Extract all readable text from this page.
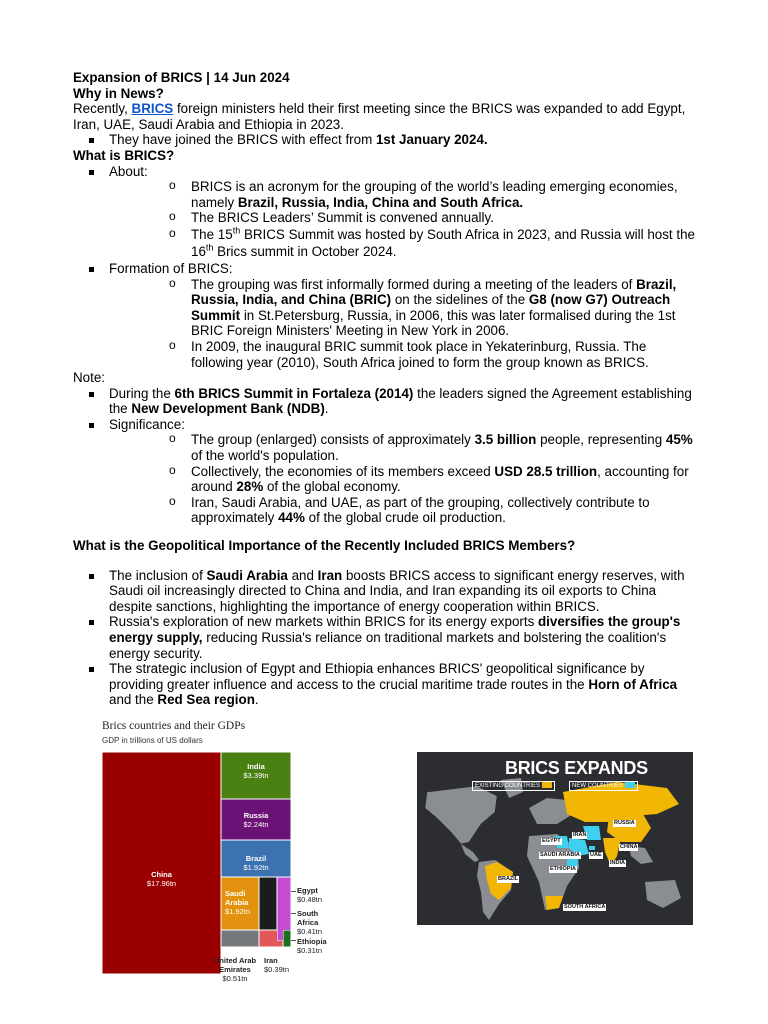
Expansion of BRICS | 14 Jun 2024

Why in News?

Recently, BRICS foreign ministers held their first meeting since the BRICS was expanded to add Egypt, Iran, UAE, Saudi Arabia and Ethiopia in 2023.

They have joined the BRICS with effect from 1st January 2024.

What is BRICS?

About:
o BRICS is an acronym for the grouping of the world’s leading emerging economies, namely Brazil, Russia, India, China and South Africa.
o The BRICS Leaders’ Summit is convened annually.
o The 15th BRICS Summit was hosted by South Africa in 2023, and Russia will host the 16th Brics summit in October 2024.
Formation of BRICS:
o The grouping was first informally formed during a meeting of the leaders of Brazil, Russia, India, and China (BRIC) on the sidelines of the G8 (now G7) Outreach Summit in St.Petersburg, Russia, in 2006, this was later formalised during the 1st BRIC Foreign Ministers' Meeting in New York in 2006.
o In 2009, the inaugural BRIC summit took place in Yekaterinburg, Russia. The following year (2010), South Africa joined to form the group known as BRICS.

Note:

During the 6th BRICS Summit in Fortaleza (2014) the leaders signed the Agreement establishing the New Development Bank (NDB).
Significance:
o The group (enlarged) consists of approximately 3.5 billion people, representing 45% of the world's population.
o Collectively, the economies of its members exceed USD 28.5 trillion, accounting for around 28% of the global economy.
o Iran, Saudi Arabia, and UAE, as part of the grouping, collectively contribute to approximately 44% of the global crude oil production.

What is the Geopolitical Importance of the Recently Included BRICS Members?

The inclusion of Saudi Arabia and Iran boosts BRICS access to significant energy reserves, with Saudi oil increasingly directed to China and India, and Iran expanding its oil exports to China despite sanctions, highlighting the importance of energy cooperation within BRICS.
Russia's exploration of new markets within BRICS for its energy exports diversifies the group's energy supply, reducing Russia's reliance on traditional markets and bolstering the coalition's energy security.
The strategic inclusion of Egypt and Ethiopia enhances BRICS' geopolitical significance by providing greater influence and access to the crucial maritime trade routes in the Horn of Africa and the Red Sea region.
Brics countries and their GDPs
GDP in trillions of US dollars
China
$17.96tn
India
$3.39tn
Russia
$2.24tn
Brazil
$1.92tn
Saudi
Arabia
$1.92tn
United Arab
Emirates
$0.51tn
Iran
$0.39tn
Egypt
$0.48tn
South
Africa
$0.41tn
Ethiopia
$0.31tn
BRICS EXPANDS
EXISTING COUNTRIES	NEW COUNTRIES
RUSSIA
IRAN
EGYPT
SAUDI ARABIA UAE
CHINA
INDIA
ETHIOPIA
BRAZIL
SOUTH AFRICA
